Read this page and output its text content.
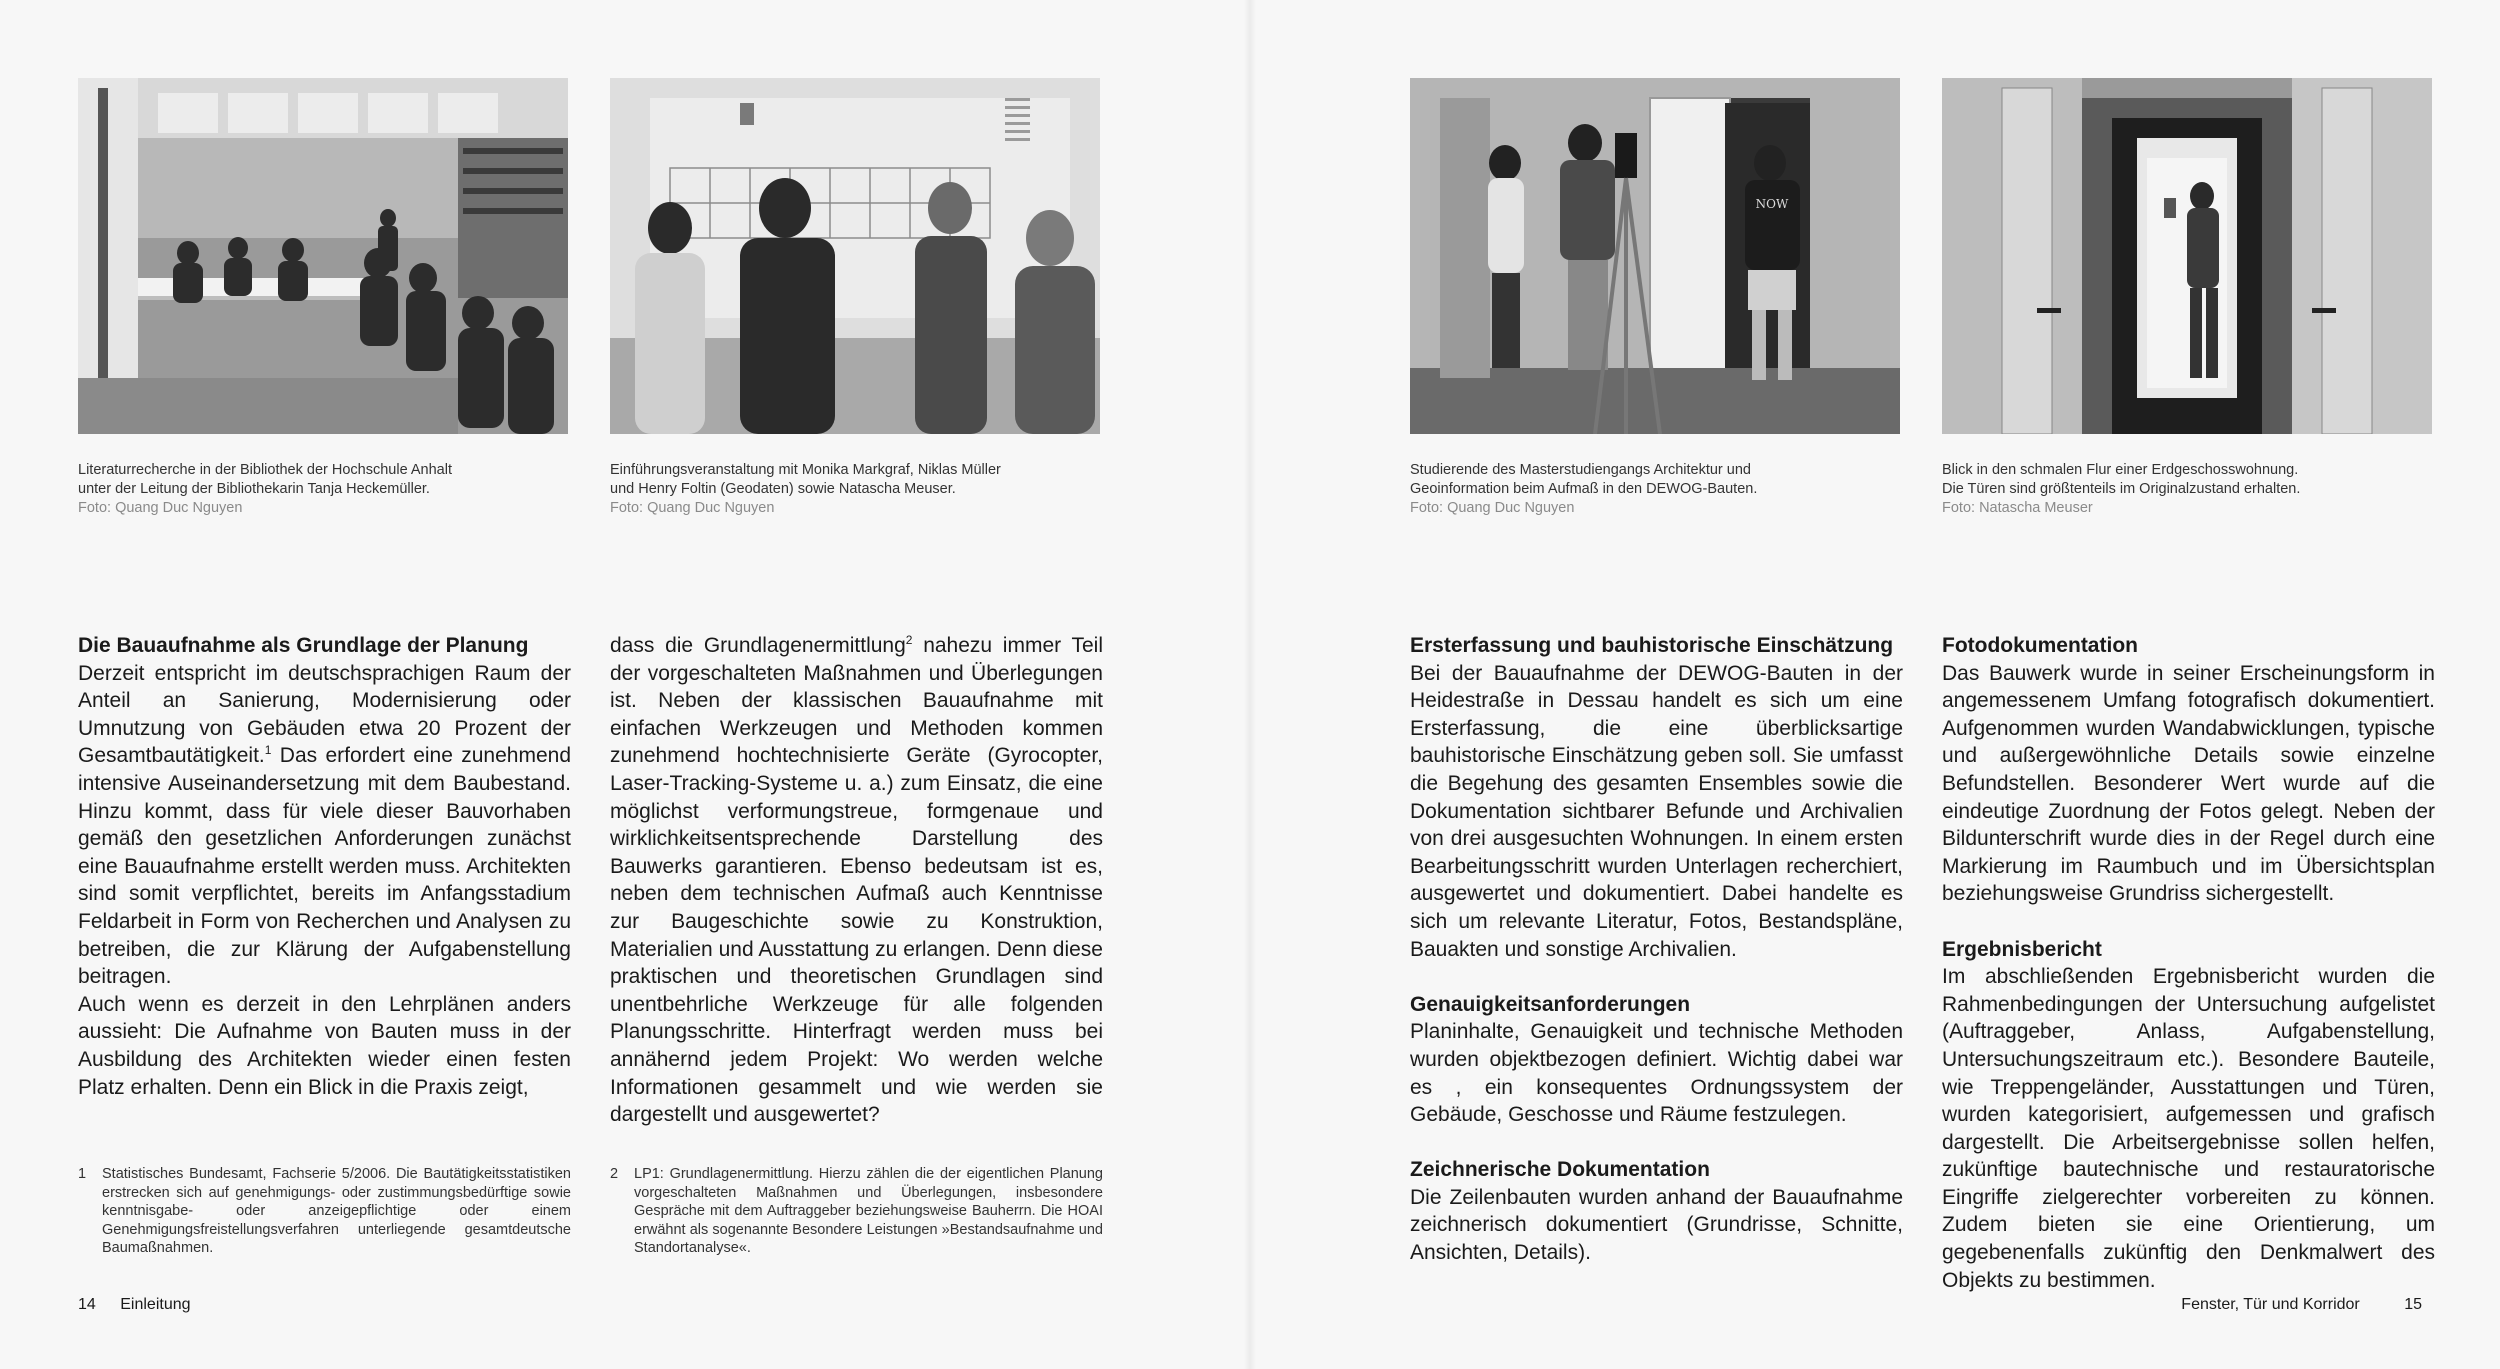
NOW
Literaturrecherche in der Bibliothek der Hochschule Anhalt
unter der Leitung der Bibliothekarin Tanja Heckemüller.
Foto: Quang Duc Nguyen
Einführungsveranstaltung mit Monika Markgraf, Niklas Müller
und Henry Foltin (Geodaten) sowie Natascha Meuser.
Foto: Quang Duc Nguyen
Studierende des Masterstudiengangs Architektur und
Geoinformation beim Aufmaß in den DEWOG-Bauten.
Foto: Quang Duc Nguyen
Blick in den schmalen Flur einer Erdgeschosswohnung.
Die Türen sind größtenteils im Originalzustand erhalten.
Foto: Natascha Meuser
Die Bauaufnahme als Grundlage der Planung

Derzeit entspricht im deutschsprachigen Raum der Anteil an Sanierung, Modernisierung oder Umnutzung von Gebäuden etwa 20 Prozent der Gesamtbautätigkeit.$^1$ Das erfordert eine zunehmend intensive Auseinandersetzung mit dem Baubestand. Hinzu kommt, dass für viele dieser Bauvorhaben gemäß den gesetzlichen Anforderungen zunächst eine Bauaufnahme erstellt werden muss. Architekten sind somit verpflichtet, bereits im Anfangsstadium Feldarbeit in Form von Recherchen und Analysen zu betreiben, die zur Klärung der Aufgabenstellung beitragen.

Auch wenn es derzeit in den Lehrplänen anders aussieht: Die Aufnahme von Bauten muss in der Ausbildung des Architekten wieder einen festen Platz erhalten. Denn ein Blick in die Praxis zeigt,

dass die Grundlagenermittlung$^2$ nahezu immer Teil der vorgeschalteten Maßnahmen und Überlegungen ist. Neben der klassischen Bauaufnahme mit einfachen Werkzeugen und Methoden kommen zunehmend hochtechnisierte Geräte (Gyrocopter, Laser-Tracking-Systeme u. a.) zum Einsatz, die eine möglichst verformungstreue, formgenaue und wirklichkeitsentsprechende Darstellung des Bauwerks garantieren. Ebenso bedeutsam ist es, neben dem technischen Aufmaß auch Kenntnisse zur Baugeschichte sowie zu Konstruktion, Materialien und Ausstattung zu erlangen. Denn diese praktischen und theoretischen Grundlagen sind unentbehrliche Werkzeuge für alle folgenden Planungsschritte. Hinterfragt werden muss bei annähernd jedem Projekt: Wo werden welche Informationen gesammelt und wie werden sie dargestellt und ausgewertet?

1 Statistisches Bundesamt, Fachserie 5/2006. Die Bautätigkeitsstatistiken erstrecken sich auf genehmigungs- oder zustimmungsbedürftige sowie kenntnisgabe- oder anzeigepflichtige oder einem Genehmigungsfreistellungsverfahren unterliegende gesamtdeutsche Baumaßnahmen.
2 LP1: Grundlagenermittlung. Hierzu zählen die der eigentlichen Planung vorgeschalteten Maßnahmen und Überlegungen, insbesondere Gespräche mit dem Auftraggeber beziehungsweise Bauherrn. Die HOAI erwähnt als sogenannte Besondere Leistungen »Bestandsaufnahme und Standortanalyse«.
Ersterfassung und bauhistorische Einschätzung

Bei der Bauaufnahme der DEWOG-Bauten in der Heidestraße in Dessau handelt es sich um eine Ersterfassung, die eine überblicksartige bauhistorische Einschätzung geben soll. Sie umfasst die Begehung des gesamten Ensembles sowie die Dokumentation sichtbarer Befunde und Archivalien von drei ausgesuchten Wohnungen. In einem ersten Bearbeitungsschritt wurden Unterlagen recherchiert, ausgewertet und dokumentiert. Dabei handelte es sich um relevante Literatur, Fotos, Bestandspläne, Bauakten und sonstige Archivalien.

Genauigkeitsanforderungen

Planinhalte, Genauigkeit und technische Methoden wurden objektbezogen definiert. Wichtig dabei war es , ein konsequentes Ordnungssystem der Gebäude, Geschosse und Räume festzulegen.

Zeichnerische Dokumentation

Die Zeilenbauten wurden anhand der Bauaufnahme zeichnerisch dokumentiert (Grundrisse, Schnitte, Ansichten, Details).

Fotodokumentation

Das Bauwerk wurde in seiner Erscheinungsform in angemessenem Umfang fotografisch dokumentiert. Aufgenommen wurden Wandabwicklungen, typische und außergewöhnliche Details sowie einzelne Befundstellen. Besonderer Wert wurde auf die eindeutige Zuordnung der Fotos gelegt. Neben der Bildunterschrift wurde dies in der Regel durch eine Markierung im Raumbuch und im Übersichtsplan beziehungsweise Grundriss sichergestellt.

Ergebnisbericht

Im abschließenden Ergebnisbericht wurden die Rahmenbedingungen der Untersuchung aufgelistet (Auftraggeber, Anlass, Aufgabenstellung, Untersuchungszeitraum etc.). Besondere Bauteile, wie Treppengeländer, Ausstattungen und Türen, wurden kategorisiert, aufgemessen und grafisch dargestellt. Die Arbeitsergebnisse sollen helfen, zukünftige bautechnische und restauratorische Eingriffe zielgerechter vorbereiten zu können. Zudem bieten sie eine Orientierung, um gegebenenfalls zukünftig den Denkmalwert des Objekts zu bestimmen.

14 Einleitung	Fenster, Tür und Korridor	15
